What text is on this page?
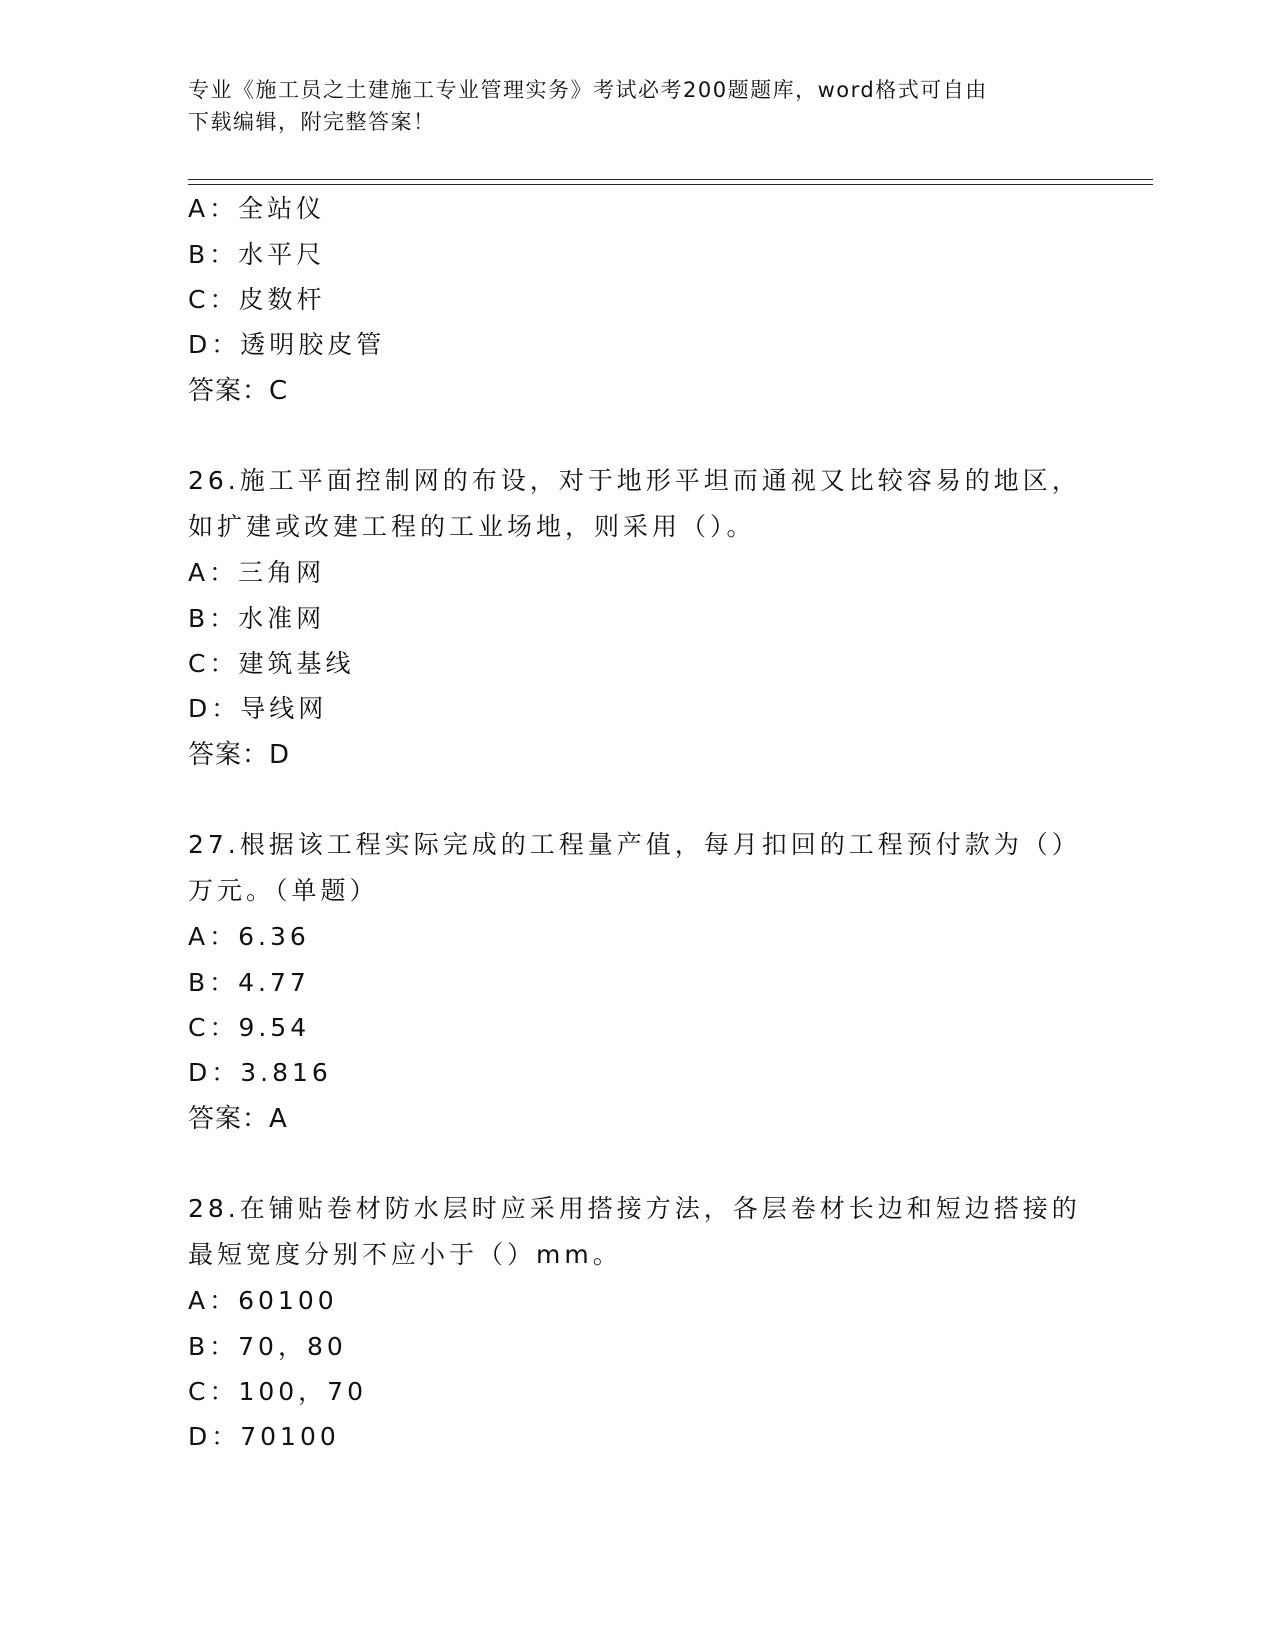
专业《施工员之土建施工专业管理实务》考试必考200题题库，word格式可自由
下载编辑，附完整答案！
A：全站仪
B：水平尺
C：皮数杆
D：透明胶皮管
答案：C
26.施工平面控制网的布设，对于地形平坦而通视又比较容易的地区，
如扩建或改建工程的工业场地，则采用（）。
A：三角网
B：水准网
C：建筑基线
D：导线网
答案：D
27.根据该工程实际完成的工程量产值，每月扣回的工程预付款为（）
万元。（单题）
A：6.36
B：4.77
C：9.54
D：3.816
答案：A
28.在铺贴卷材防水层时应采用搭接方法，各层卷材长边和短边搭接的
最短宽度分别不应小于（）mm。
A：60100
B：70，80
C：100，70
D：70100
